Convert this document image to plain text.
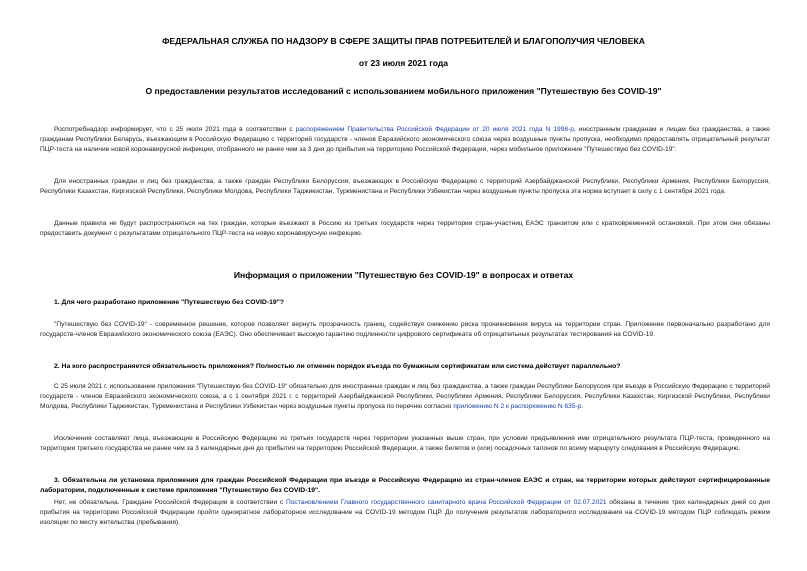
ФЕДЕРАЛЬНАЯ СЛУЖБА ПО НАДЗОРУ В СФЕРЕ ЗАЩИТЫ ПРАВ ПОТРЕБИТЕЛЕЙ И БЛАГОПОЛУЧИЯ ЧЕЛОВЕКА
от 23 июля 2021 года
О предоставлении результатов исследований с использованием мобильного приложения "Путешествую без COVID-19"
Роспотребнадзор информирует, что с 25 июля 2021 года в соответствии с распоряжением Правительства Российской Федерации от 20 июля 2021 года N 1998-р, иностранным гражданам и лицам без гражданства, а также гражданам Республики Беларусь, въезжающим в Российскую Федерацию с территорий государств - членов Евразийского экономического союза через воздушные пункты пропуска, необходимо предоставлять отрицательный результат ПЦР-теста на наличие новой коронавирусной инфекции, отобранного не ранее чем за 3 дня до прибытия на территорию Российской Федерации, через мобильное приложение "Путешествую без COVID-19".
Для иностранных граждан и лиц без гражданства, а также граждан Республики Белоруссия, въезжающих в Российскую Федерацию с территорий Азербайджанской Республики, Республики Армения, Республики Белоруссия, Республики Казахстан, Киргизской Республики, Республики Молдова, Республики Таджикистан, Туркменистана и Республики Узбекистан через воздушные пункты пропуска эта норма вступает в силу с 1 сентября 2021 года.
Данные правила не будут распространяться на тех граждан, которые въезжают в Россию из третьих государств через территории стран-участниц ЕАЭС транзитом или с кратковременной остановкой. При этом они обязаны предоставить документ с результатами отрицательного ПЦР-теста на новую коронавирусную инфекцию.
Информация о приложении "Путешествую без COVID-19" в вопросах и ответах
1. Для чего разработано приложение "Путешествую без COVID-19"?
"Путешествую без COVID-19" - современное решение, которое позволяет вернуть прозрачность границ, содействуя снижению риска проникновения вируса на территории стран. Приложение первоначально разработано для государств-членов Евразийского экономического союза (ЕАЭС). Оно обеспечивает высокую гарантию подлинности цифрового сертификата об отрицательных результатах тестирования на COVID-19.
2. На кого распространяется обязательность приложения? Полностью ли отменен порядок въезда по бумажным сертификатам или система действует параллельно?
С 25 июля 2021 г. использование приложения "Путешествую без COVID-19" обязательно для иностранных граждан и лиц без гражданства, а также граждан Республики Белоруссия при въезде в Российскую Федерацию с территорий государств - членов Евразийского экономического союза, а с 1 сентября 2021 г. с территорий Азербайджанской Республики, Республики Армения, Республики Белоруссия, Республики Казахстан, Киргизской Республики, Республики Молдова, Республики Таджикистан, Туркменистана и Республики Узбекистан через воздушные пункты пропуска по перечню согласно приложению N 2 к распоряжению N 635-р.
Исключения составляют лица, въезжающие в Российскую Федерацию из третьих государств через территории указанных выше стран, при условии предъявления ими отрицательного результата ПЦР-теста, проведенного на территории третьего государства не ранее чем за 3 календарных дня до прибытия на территорию Российской Федерации, а также билетов и (или) посадочных талонов по всему маршруту следования в Российскую Федерацию.
3. Обязательна ли установка приложения для граждан Российской Федерации при въезде в Российскую Федерацию из стран-членов ЕАЭС и стран, на территории которых действуют сертифицированные лаборатории, подключенные к системе приложения "Путешествую без COVID-19".
Нет, не обязательна. Граждане Российской Федерации в соответствии с Постановлением Главного государственного санитарного врача Российской Федерации от 02.07.2021 обязаны в течение трех календарных дней со дня прибытия на территорию Российской Федерации пройти однократное лабораторное исследование на COVID-19 методом ПЦР. До получения результатов лабораторного исследования на COVID-19 методом ПЦР соблюдать режим изоляции по месту жительства (пребывания).
